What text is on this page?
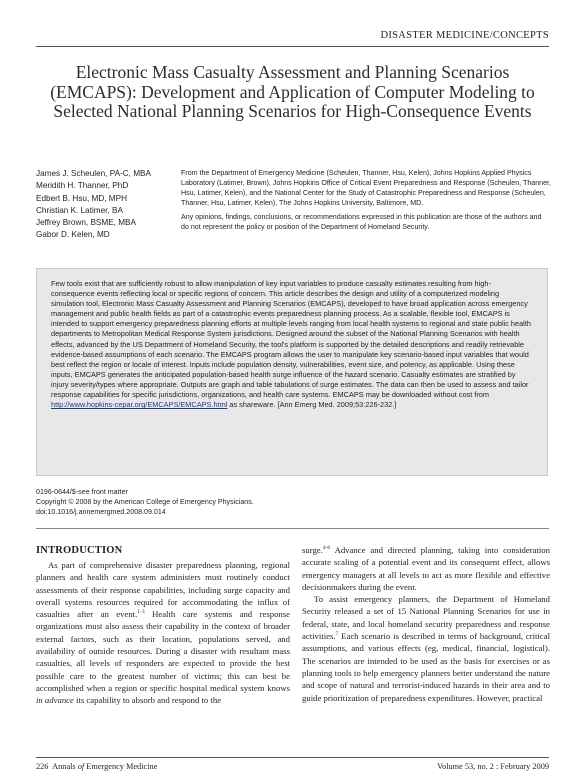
DISASTER MEDICINE/CONCEPTS
Electronic Mass Casualty Assessment and Planning Scenarios (EMCAPS): Development and Application of Computer Modeling to Selected National Planning Scenarios for High-Consequence Events
James J. Scheulen, PA-C, MBA
Meridith H. Thanner, PhD
Edbert B. Hsu, MD, MPH
Christian K. Latimer, BA
Jeffrey Brown, BSME, MBA
Gabor D. Kelen, MD

From the Department of Emergency Medicine (Scheulen, Thanner, Hsu, Kelen), Johns Hopkins Applied Physics Laboratory (Latimer, Brown), Johns Hopkins Office of Critical Event Preparedness and Response (Scheulen, Thanner, Hsu, Latimer, Kelen), and the National Center for the Study of Catastrophic Preparedness and Response (Scheulen, Thanner, Hsu, Latimer, Kelen), The Johns Hopkins University, Baltimore, MD.

Any opinions, findings, conclusions, or recommendations expressed in this publication are those of the authors and do not represent the policy or position of the Department of Homeland Security.

Few tools exist that are sufficiently robust to allow manipulation of key input variables to produce casualty estimates resulting from high-consequence events reflecting local or specific regions of concern. This article describes the design and utility of a computerized modeling simulation tool, Electronic Mass Casualty Assessment and Planning Scenarios (EMCAPS), developed to have broad application across emergency management and public health fields as part of a catastrophic events preparedness planning process. As a scalable, flexible tool, EMCAPS is intended to support emergency preparedness planning efforts at multiple levels ranging from local health systems to regional and state public health departments to Metropolitan Medical Response System jurisdictions. Designed around the subset of the National Planning Scenarios with health effects, advanced by the US Department of Homeland Security, the tool's platform is supported by the detailed descriptions and readily retrievable evidence-based assumptions of each scenario. The EMCAPS program allows the user to manipulate key scenario-based input variables that would best reflect the region or locale of interest. Inputs include population density, vulnerabilities, event size, and potency, as applicable. Using these inputs, EMCAPS generates the anticipated population-based health surge influence of the hazard scenario. Casualty estimates are stratified by injury severity/types where appropriate. Outputs are graph and table tabulations of surge estimates. The data can then be used to assess and tailor response capabilities for specific jurisdictions, organizations, and health care systems. EMCAPS may be downloaded without cost from http://www.hopkins-cepar.org/EMCAPS/EMCAPS.html as shareware. [Ann Emerg Med. 2009;53:226-232.]
0196-0644/$-see front matter
Copyright © 2008 by the American College of Emergency Physicians.
doi:10.1016/j.annemergmed.2008.09.014
INTRODUCTION

As part of comprehensive disaster preparedness planning, regional planners and health care system administers must routinely conduct assessments of their response capabilities, including surge capacity and overall systems resources required for accommodating the influx of casualties after an event.$^{1-3}$ Health care systems and response organizations must also assess their capability in the context of broader external factors, such as their location, populations served, and availability of outside resources. During a disaster with resultant mass casualties, all levels of responders are expected to provide the best possible care to the greatest number of victims; this can best be accomplished when a region or specific hospital medical system knows in advance its capability to absorb and respond to the

surge.$^{4-6}$ Advance and directed planning, taking into consideration accurate scaling of a potential event and its consequent effect, allows emergency managers at all levels to act as more flexible and effective decisionmakers during the event.

To assist emergency planners, the Department of Homeland Security released a set of 15 National Planning Scenarios for use in federal, state, and local homeland security preparedness and response activities.$^7$ Each scenario is described in terms of background, critical assumptions, and various effects (eg, medical, financial, logistical). The scenarios are intended to be used as the basis for exercises or as planning tools to help emergency planners better understand the nature and scope of natural and terrorist-induced hazards in their area and to guide prioritization of preparedness expenditures. However, practical

226 Annals of Emergency Medicine	Volume 53, no. 2 : February 2009
